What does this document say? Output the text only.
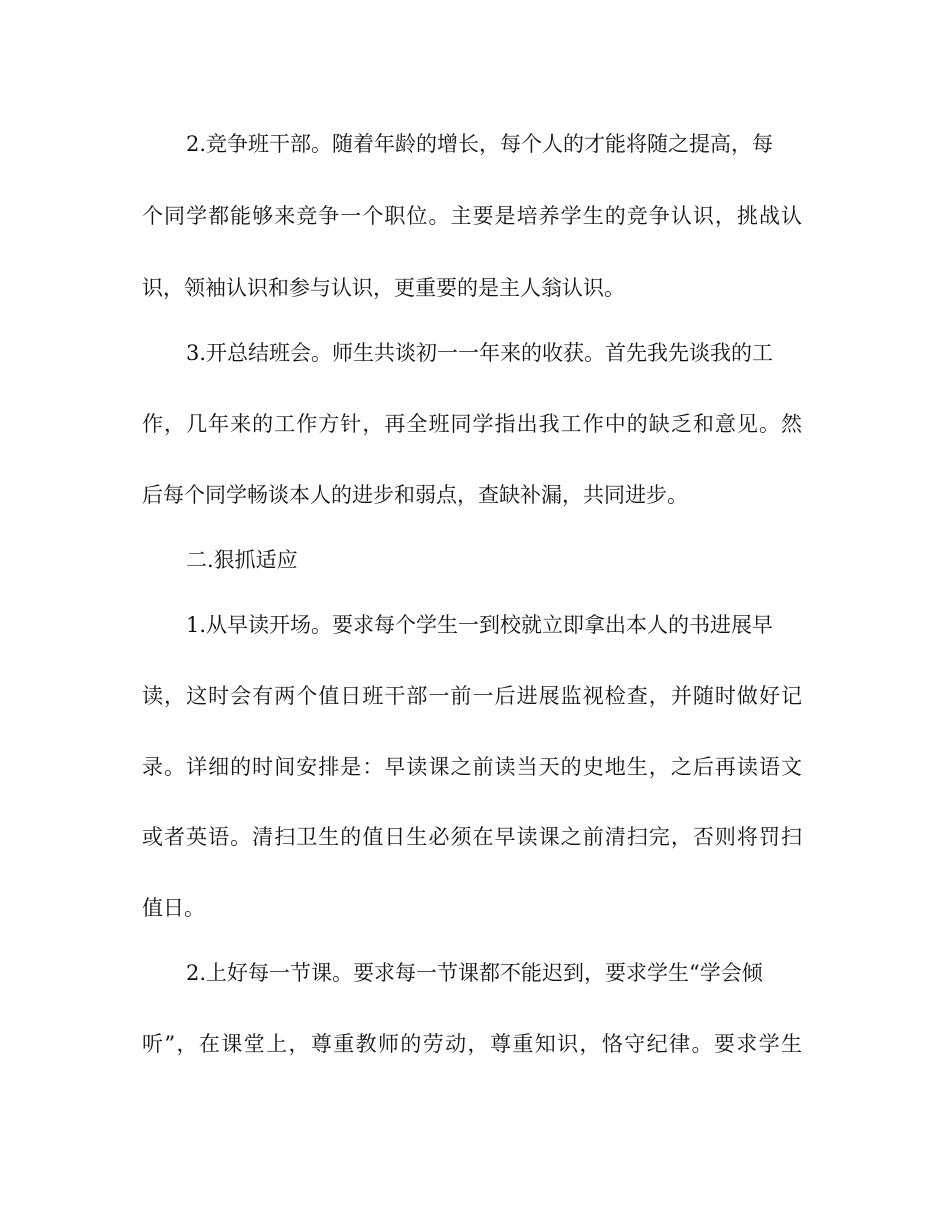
2.竞争班干部。随着年龄的增长，每个人的才能将随之提高，每
个同学都能够来竞争一个职位。主要是培养学生的竞争认识，挑战认
识，领袖认识和参与认识，更重要的是主人翁认识。
3.开总结班会。师生共谈初一一年来的收获。首先我先谈我的工
作，几年来的工作方针，再全班同学指出我工作中的缺乏和意见。然
后每个同学畅谈本人的进步和弱点，查缺补漏，共同进步。
二.狠抓适应
1.从早读开场。要求每个学生一到校就立即拿出本人的书进展早
读，这时会有两个值日班干部一前一后进展监视检查，并随时做好记
录。详细的时间安排是：早读课之前读当天的史地生，之后再读语文
或者英语。清扫卫生的值日生必须在早读课之前清扫完，否则将罚扫
值日。
2.上好每一节课。要求每一节课都不能迟到，要求学生“学会倾
听”，在课堂上，尊重教师的劳动，尊重知识，恪守纪律。要求学生
